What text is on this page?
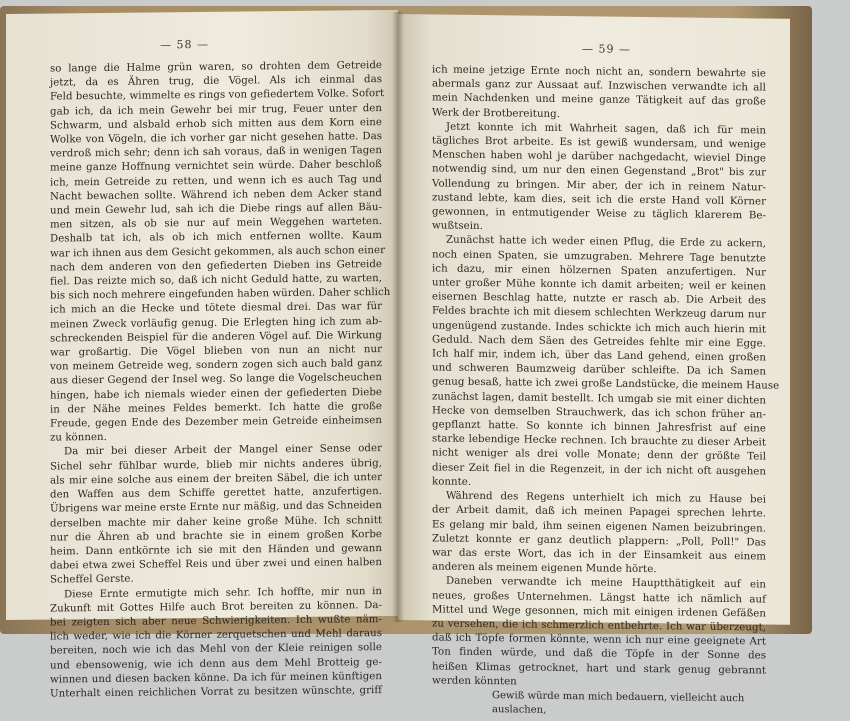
— 58 —
so lange die Halme grün waren, so drohten dem Getreide
jetzt, da es Ähren trug, die Vögel. Als ich einmal das
Feld besuchte, wimmelte es rings von gefiedertem Volke. Sofort
gab ich, da ich mein Gewehr bei mir trug, Feuer unter den
Schwarm, und alsbald erhob sich mitten aus dem Korn eine
Wolke von Vögeln, die ich vorher gar nicht gesehen hatte. Das
verdroß mich sehr; denn ich sah voraus, daß in wenigen Tagen
meine ganze Hoffnung vernichtet sein würde. Daher beschloß
ich, mein Getreide zu retten, und wenn ich es auch Tag und
Nacht bewachen sollte. Während ich neben dem Acker stand
und mein Gewehr lud, sah ich die Diebe rings auf allen Bäu-
men sitzen, als ob sie nur auf mein Weggehen warteten.
Deshalb tat ich, als ob ich mich entfernen wollte. Kaum
war ich ihnen aus dem Gesicht gekommen, als auch schon einer
nach dem anderen von den gefiederten Dieben ins Getreide
fiel. Das reizte mich so, daß ich nicht Geduld hatte, zu warten,
bis sich noch mehrere eingefunden haben würden. Daher schlich
ich mich an die Hecke und tötete diesmal drei. Das war für
meinen Zweck vorläufig genug. Die Erlegten hing ich zum ab-
schreckenden Beispiel für die anderen Vögel auf. Die Wirkung
war großartig. Die Vögel blieben von nun an nicht nur
von meinem Getreide weg, sondern zogen sich auch bald ganz
aus dieser Gegend der Insel weg. So lange die Vogelscheuchen
hingen, habe ich niemals wieder einen der gefiederten Diebe
in der Nähe meines Feldes bemerkt. Ich hatte die große
Freude, gegen Ende des Dezember mein Getreide einheimsen
zu können.
Da mir bei dieser Arbeit der Mangel einer Sense oder
Sichel sehr fühlbar wurde, blieb mir nichts anderes übrig,
als mir eine solche aus einem der breiten Säbel, die ich unter
den Waffen aus dem Schiffe gerettet hatte, anzufertigen.
Übrigens war meine erste Ernte nur mäßig, und das Schneiden
derselben machte mir daher keine große Mühe. Ich schnitt
nur die Ähren ab und brachte sie in einem großen Korbe
heim. Dann entkörnte ich sie mit den Händen und gewann
dabei etwa zwei Scheffel Reis und über zwei und einen halben
Scheffel Gerste.
Diese Ernte ermutigte mich sehr. Ich hoffte, mir nun in
Zukunft mit Gottes Hilfe auch Brot bereiten zu können. Da-
bei zeigten sich aber neue Schwierigkeiten. Ich wußte näm-
lich weder, wie ich die Körner zerquetschen und Mehl daraus
bereiten, noch wie ich das Mehl von der Kleie reinigen solle
und ebensowenig, wie ich denn aus dem Mehl Brotteig ge-
winnen und diesen backen könne. Da ich für meinen künftigen
Unterhalt einen reichlichen Vorrat zu besitzen wünschte, griff
— 59 —
ich meine jetzige Ernte noch nicht an, sondern bewahrte sie
abermals ganz zur Aussaat auf. Inzwischen verwandte ich all
mein Nachdenken und meine ganze Tätigkeit auf das große
Werk der Brotbereitung.
Jetzt konnte ich mit Wahrheit sagen, daß ich für mein
tägliches Brot arbeite. Es ist gewiß wundersam, und wenige
Menschen haben wohl je darüber nachgedacht, wieviel Dinge
notwendig sind, um nur den einen Gegenstand „Brot" bis zur
Vollendung zu bringen. Mir aber, der ich in reinem Natur-
zustand lebte, kam dies, seit ich die erste Hand voll Körner
gewonnen, in entmutigender Weise zu täglich klarerem Be-
wußtsein.
Zunächst hatte ich weder einen Pflug, die Erde zu ackern,
noch einen Spaten, sie umzugraben. Mehrere Tage benutzte
ich dazu, mir einen hölzernen Spaten anzufertigen. Nur
unter großer Mühe konnte ich damit arbeiten; weil er keinen
eisernen Beschlag hatte, nutzte er rasch ab. Die Arbeit des
Feldes brachte ich mit diesem schlechten Werkzeug darum nur
ungenügend zustande. Indes schickte ich mich auch hierin mit
Geduld. Nach dem Säen des Getreides fehlte mir eine Egge.
Ich half mir, indem ich, über das Land gehend, einen großen
und schweren Baumzweig darüber schleifte. Da ich Samen
genug besaß, hatte ich zwei große Landstücke, die meinem Hause
zunächst lagen, damit bestellt. Ich umgab sie mit einer dichten
Hecke von demselben Strauchwerk, das ich schon früher an-
gepflanzt hatte. So konnte ich binnen Jahresfrist auf eine
starke lebendige Hecke rechnen. Ich brauchte zu dieser Arbeit
nicht weniger als drei volle Monate; denn der größte Teil
dieser Zeit fiel in die Regenzeit, in der ich nicht oft ausgehen
konnte.
Während des Regens unterhielt ich mich zu Hause bei
der Arbeit damit, daß ich meinen Papagei sprechen lehrte.
Es gelang mir bald, ihm seinen eigenen Namen beizubringen.
Zuletzt konnte er ganz deutlich plappern: „Poll, Poll!" Das
war das erste Wort, das ich in der Einsamkeit aus einem
anderen als meinem eigenen Munde hörte.
Daneben verwandte ich meine Hauptthätigkeit auf ein
neues, großes Unternehmen. Längst hatte ich nämlich auf
Mittel und Wege gesonnen, mich mit einigen irdenen Gefäßen
zu versehen, die ich schmerzlich entbehrte. Ich war überzeugt,
daß ich Töpfe formen könnte, wenn ich nur eine geeignete Art
Ton finden würde, und daß die Töpfe in der Sonne des
heißen Klimas getrocknet, hart und stark genug gebrannt
werden könnten
Gewiß würde man mich bedauern, vielleicht auch auslachen,
